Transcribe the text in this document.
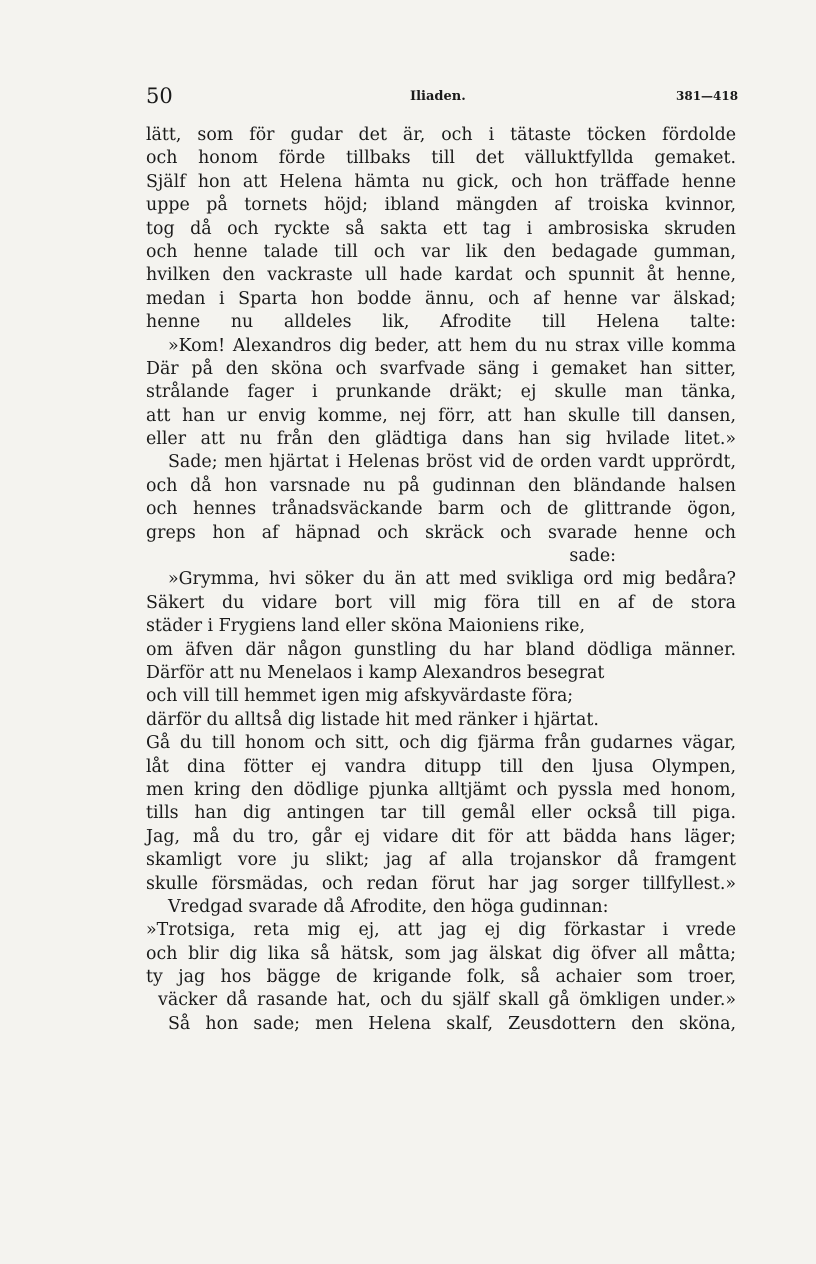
50	Iliaden.	381—418
lätt, som för gudar det är, och i tätaste töcken fördolde
och honom förde tillbaks till det välluktfyllda gemaket.
Själf hon att Helena hämta nu gick, och hon träffade henne
uppe på tornets höjd; ibland mängden af troiska kvinnor,
tog då och ryckte så sakta ett tag i ambrosiska skruden
och henne talade till och var lik den bedagade gumman,
hvilken den vackraste ull hade kardat och spunnit åt henne,
medan i Sparta hon bodde ännu, och af henne var älskad;
henne nu alldeles lik, Afrodite till Helena talte:
»Kom! Alexandros dig beder, att hem du nu strax ville komma
Där på den sköna och svarfvade säng i gemaket han sitter,
strålande fager i prunkande dräkt; ej skulle man tänka,
att han ur envig komme, nej förr, att han skulle till dansen,
eller att nu från den glädtiga dans han sig hvilade litet.»
Sade; men hjärtat i Helenas bröst vid de orden vardt upprördt,
och då hon varsnade nu på gudinnan den bländande halsen
och hennes trånadsväckande barm och de glittrande ögon,
greps hon af häpnad och skräck och svarade henne och
sade:
»Grymma, hvi söker du än att med svikliga ord mig bedåra?
Säkert du vidare bort vill mig föra till en af de stora
städer i Frygiens land eller sköna Maioniens rike,
om äfven där någon gunstling du har bland dödliga männer.
Därför att nu Menelaos i kamp Alexandros besegrat
och vill till hemmet igen mig afskyvärdaste föra;
därför du alltså dig listade hit med ränker i hjärtat.
Gå du till honom och sitt, och dig fjärma från gudarnes vägar,
låt dina fötter ej vandra ditupp till den ljusa Olympen,
men kring den dödlige pjunka alltjämt och pyssla med honom,
tills han dig antingen tar till gemål eller också till piga.
Jag, må du tro, går ej vidare dit för att bädda hans läger;
skamligt vore ju slikt; jag af alla trojanskor då framgent
skulle försmädas, och redan förut har jag sorger tillfyllest.»
Vredgad svarade då Afrodite, den höga gudinnan:
»Trotsiga, reta mig ej, att jag ej dig förkastar i vrede
och blir dig lika så hätsk, som jag älskat dig öfver all måtta;
ty jag hos bägge de krigande folk, så achaier som troer,
väcker då rasande hat, och du själf skall gå ömkligen under.»
Så hon sade; men Helena skalf, Zeusdottern den sköna,
